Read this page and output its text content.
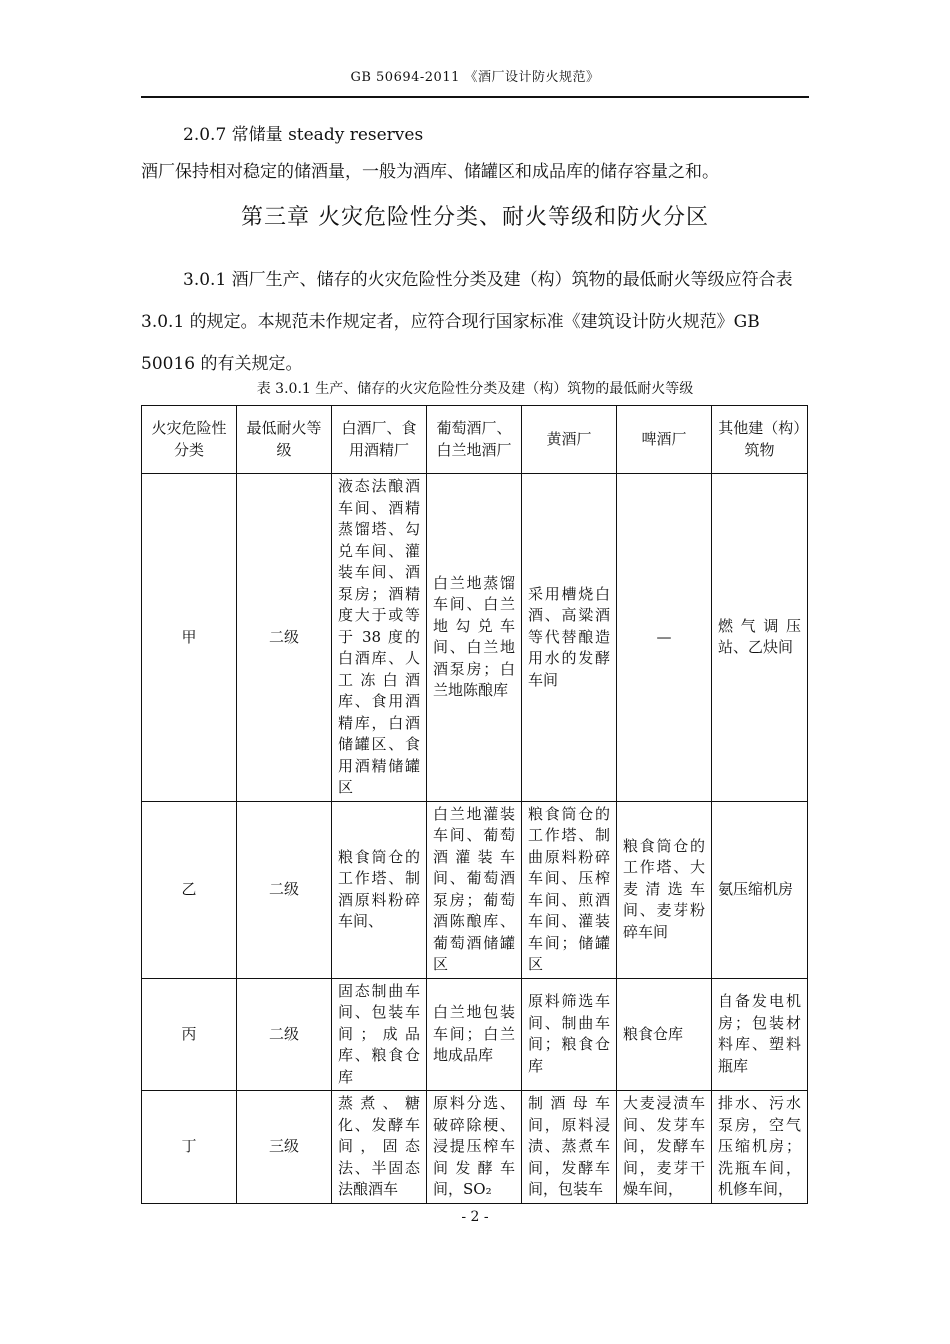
GB 50694-2011 《酒厂设计防火规范》
2.0.7 常储量 steady reserves
酒厂保持相对稳定的储酒量，一般为酒库、储罐区和成品库的储存容量之和。
第三章 火灾危险性分类、耐火等级和防火分区
3.0.1 酒厂生产、储存的火灾危险性分类及建（构）筑物的最低耐火等级应符合表 3.0.1 的规定。本规范未作规定者，应符合现行国家标准《建筑设计防火规范》GB 50016 的有关规定。
表 3.0.1 生产、储存的火灾危险性分类及建（构）筑物的最低耐火等级
火灾危险性分类	最低耐火等级	白酒厂、食用酒精厂	葡萄酒厂、白兰地酒厂	黄酒厂	啤酒厂	其他建（构）筑物
甲	二级	液态法酿酒车间、酒精蒸馏塔、勾兑车间、灌装车间、酒泵房；酒精度大于或等于 38 度的白酒库、人工冻白酒库、食用酒精库，白酒储罐区、食用酒精储罐区	白兰地蒸馏车间、白兰地勾兑车间、白兰地酒泵房；白兰地陈酿库	采用槽烧白酒、高粱酒等代替酿造用水的发酵车间	—	燃气调压站、乙炔间
乙	二级	粮食筒仓的工作塔、制酒原料粉碎车间、	白兰地灌装车间、葡萄酒灌装车间、葡萄酒泵房；葡萄酒陈酿库、葡萄酒储罐区	粮食筒仓的工作塔、制曲原料粉碎车间、压榨车间、煎酒车间、灌装车间；储罐区	粮食筒仓的工作塔、大麦清选车间、麦芽粉碎车间	氨压缩机房
丙	二级	固态制曲车间、包装车间；成品库、粮食仓库	白兰地包装车间；白兰地成品库	原料筛选车间、制曲车间；粮食仓库	粮食仓库	自备发电机房；包装材料库、塑料瓶库
丁	三级	蒸煮、糖化、发酵车间，固态法、半固态法酿酒车	原料分选、破碎除梗、浸提压榨车间发酵车间，SO₂	制酒母车间，原料浸渍、蒸煮车间，发酵车间，包装车	大麦浸渍车间、发芽车间，发酵车间，麦芽干燥车间，	排水、污水泵房，空气压缩机房；洗瓶车间，机修车间，
- 2 -
